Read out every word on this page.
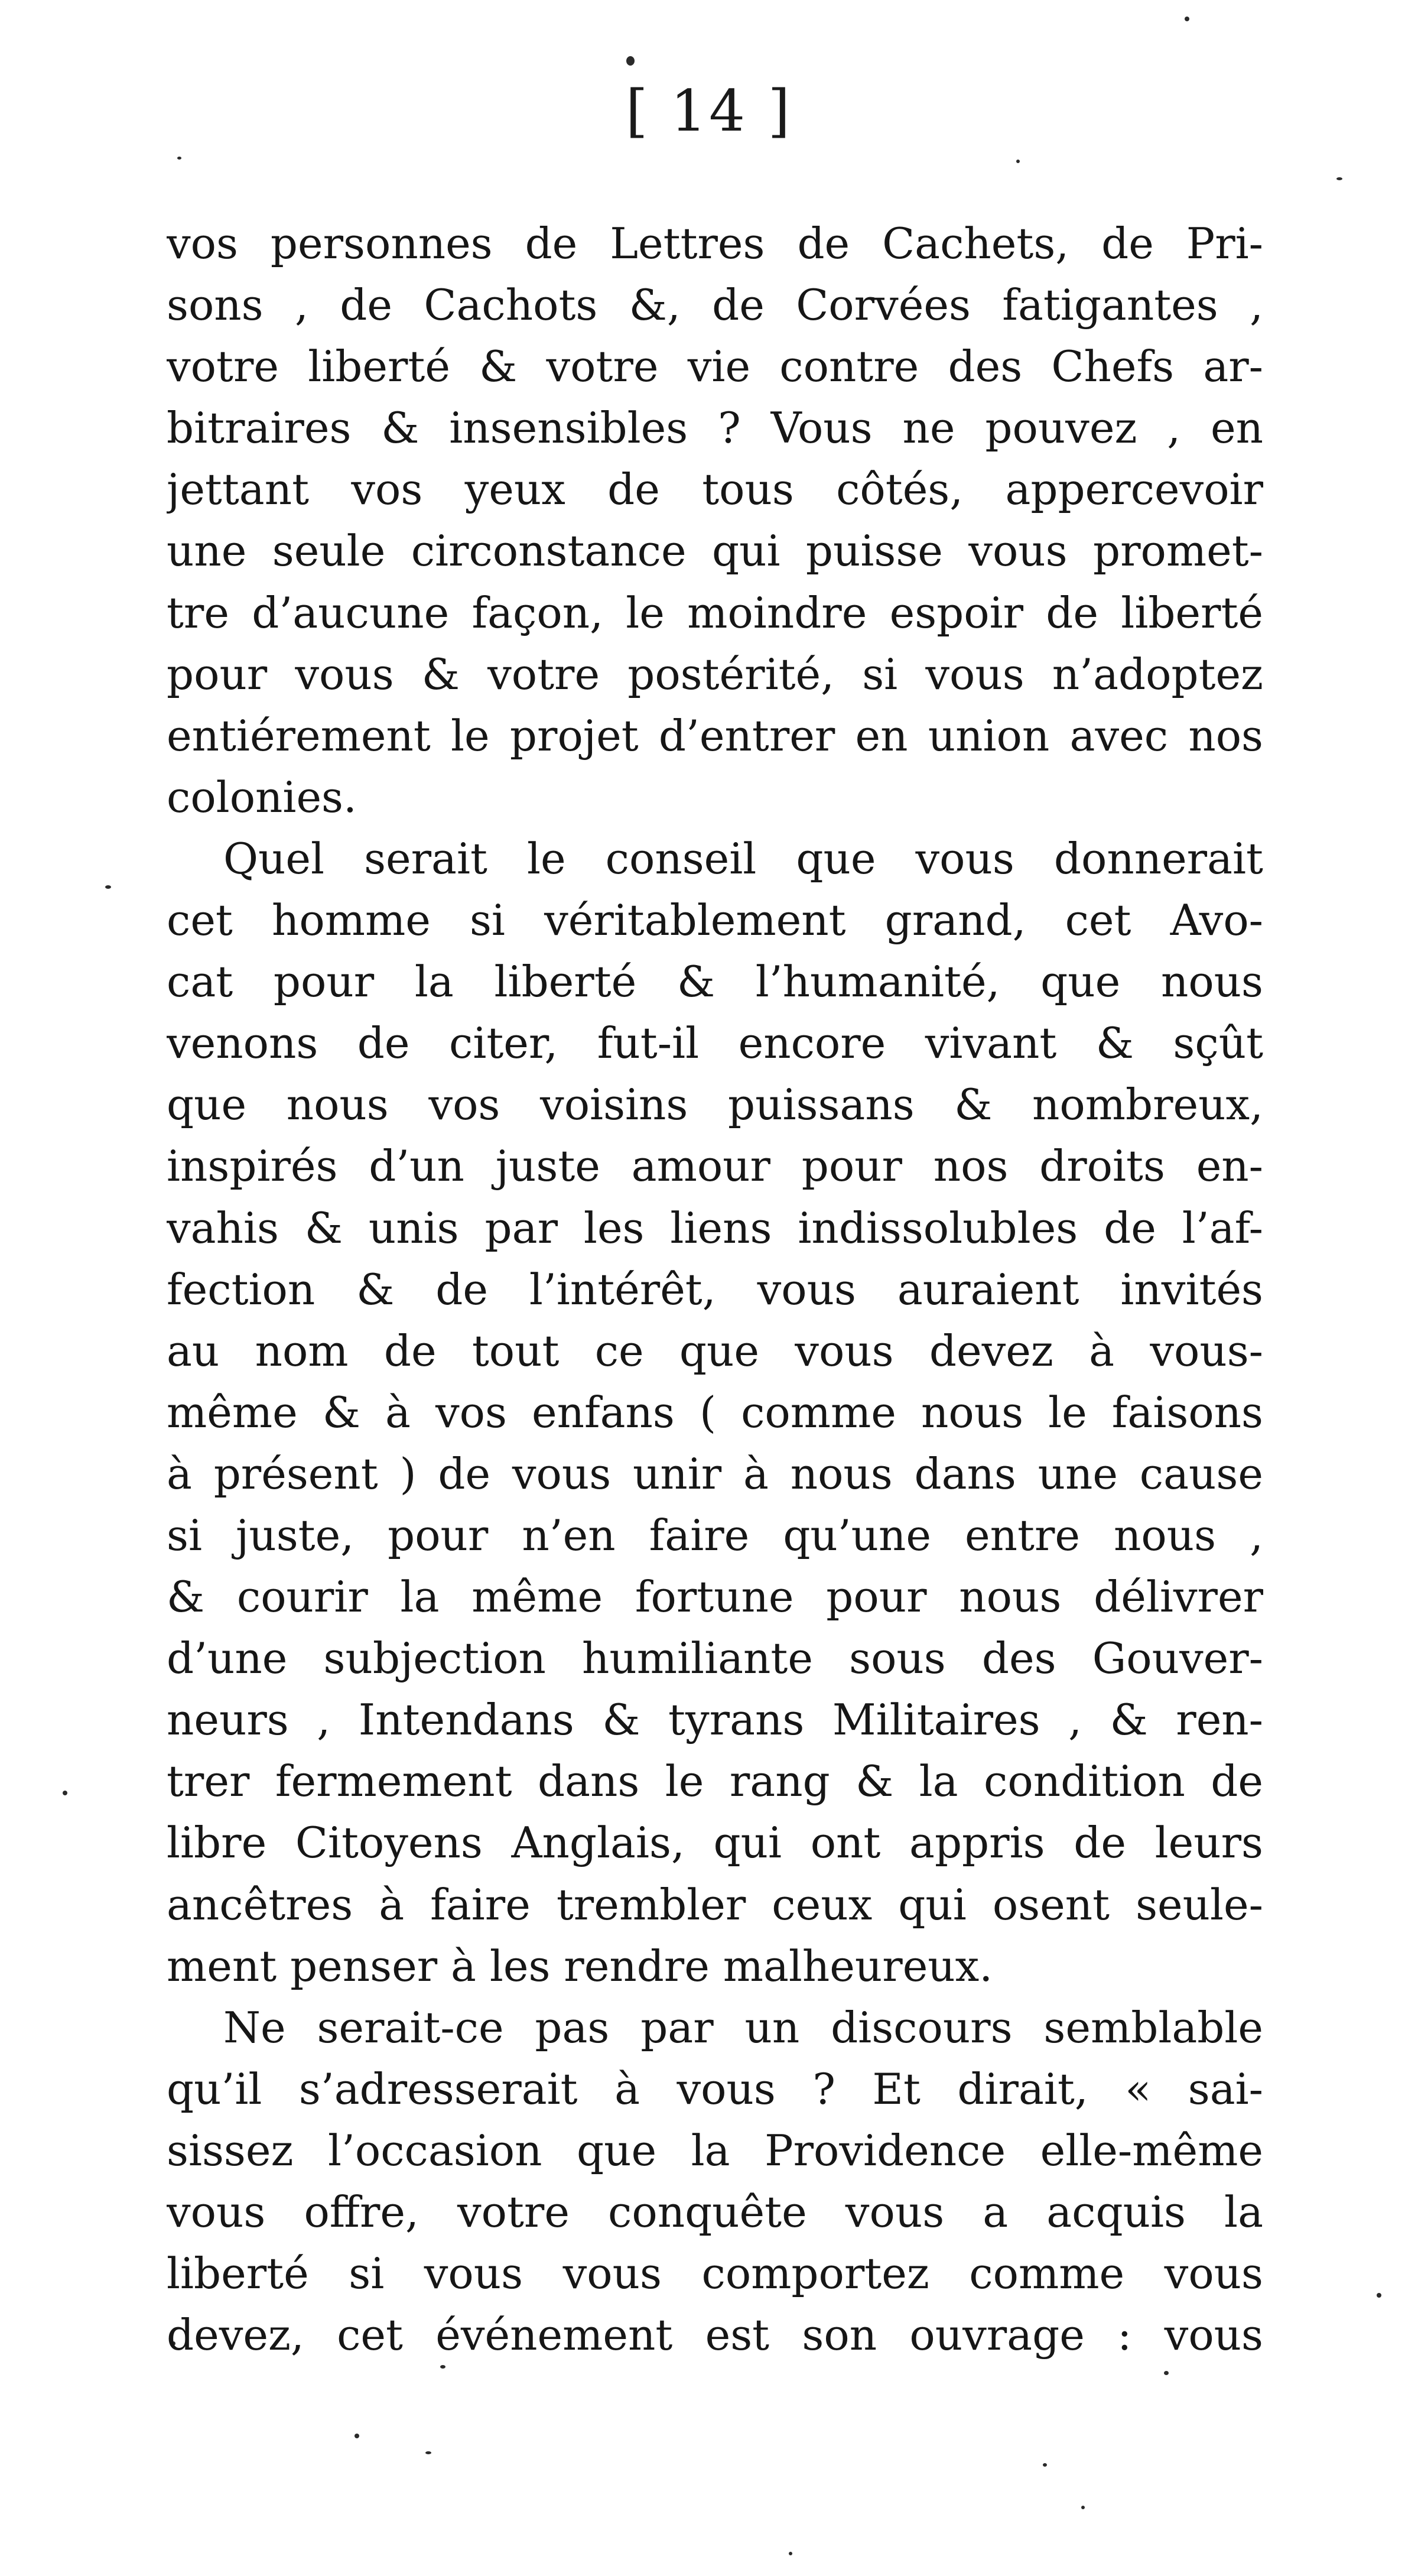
[ 14 ]
vos personnes de Lettres de Cachets, de Pri-
sons , de Cachots &, de Corvées fatigantes ,
votre liberté & votre vie contre des Chefs ar-
bitraires & insensibles ? Vous ne pouvez , en
jettant vos yeux de tous côtés, appercevoir
une seule circonstance qui puisse vous promet-
tre d’aucune façon, le moindre espoir de liberté
pour vous & votre postérité, si vous n’adoptez
entiérement le projet d’entrer en union avec nos
colonies.
Quel serait le conseil que vous donnerait
cet homme si véritablement grand, cet Avo-
cat pour la liberté & l’humanité, que nous
venons de citer, fut-il encore vivant & sçût
que nous vos voisins puissans & nombreux,
inspirés d’un juste amour pour nos droits en-
vahis & unis par les liens indissolubles de l’af-
fection & de l’intérêt, vous auraient invités
au nom de tout ce que vous devez à vous-
même & à vos enfans ( comme nous le faisons
à présent ) de vous unir à nous dans une cause
si juste, pour n’en faire qu’une entre nous ,
& courir la même fortune pour nous délivrer
d’une subjection humiliante sous des Gouver-
neurs , Intendans & tyrans Militaires , & ren-
trer fermement dans le rang & la condition de
libre Citoyens Anglais, qui ont appris de leurs
ancêtres à faire trembler ceux qui osent seule-
ment penser à les rendre malheureux.
Ne serait-ce pas par un discours semblable
qu’il s’adresserait à vous ? Et dirait, « sai-
sissez l’occasion que la Providence elle-même
vous offre, votre conquête vous a acquis la
liberté si vous vous comportez comme vous
devez, cet événement est son ouvrage : vous
